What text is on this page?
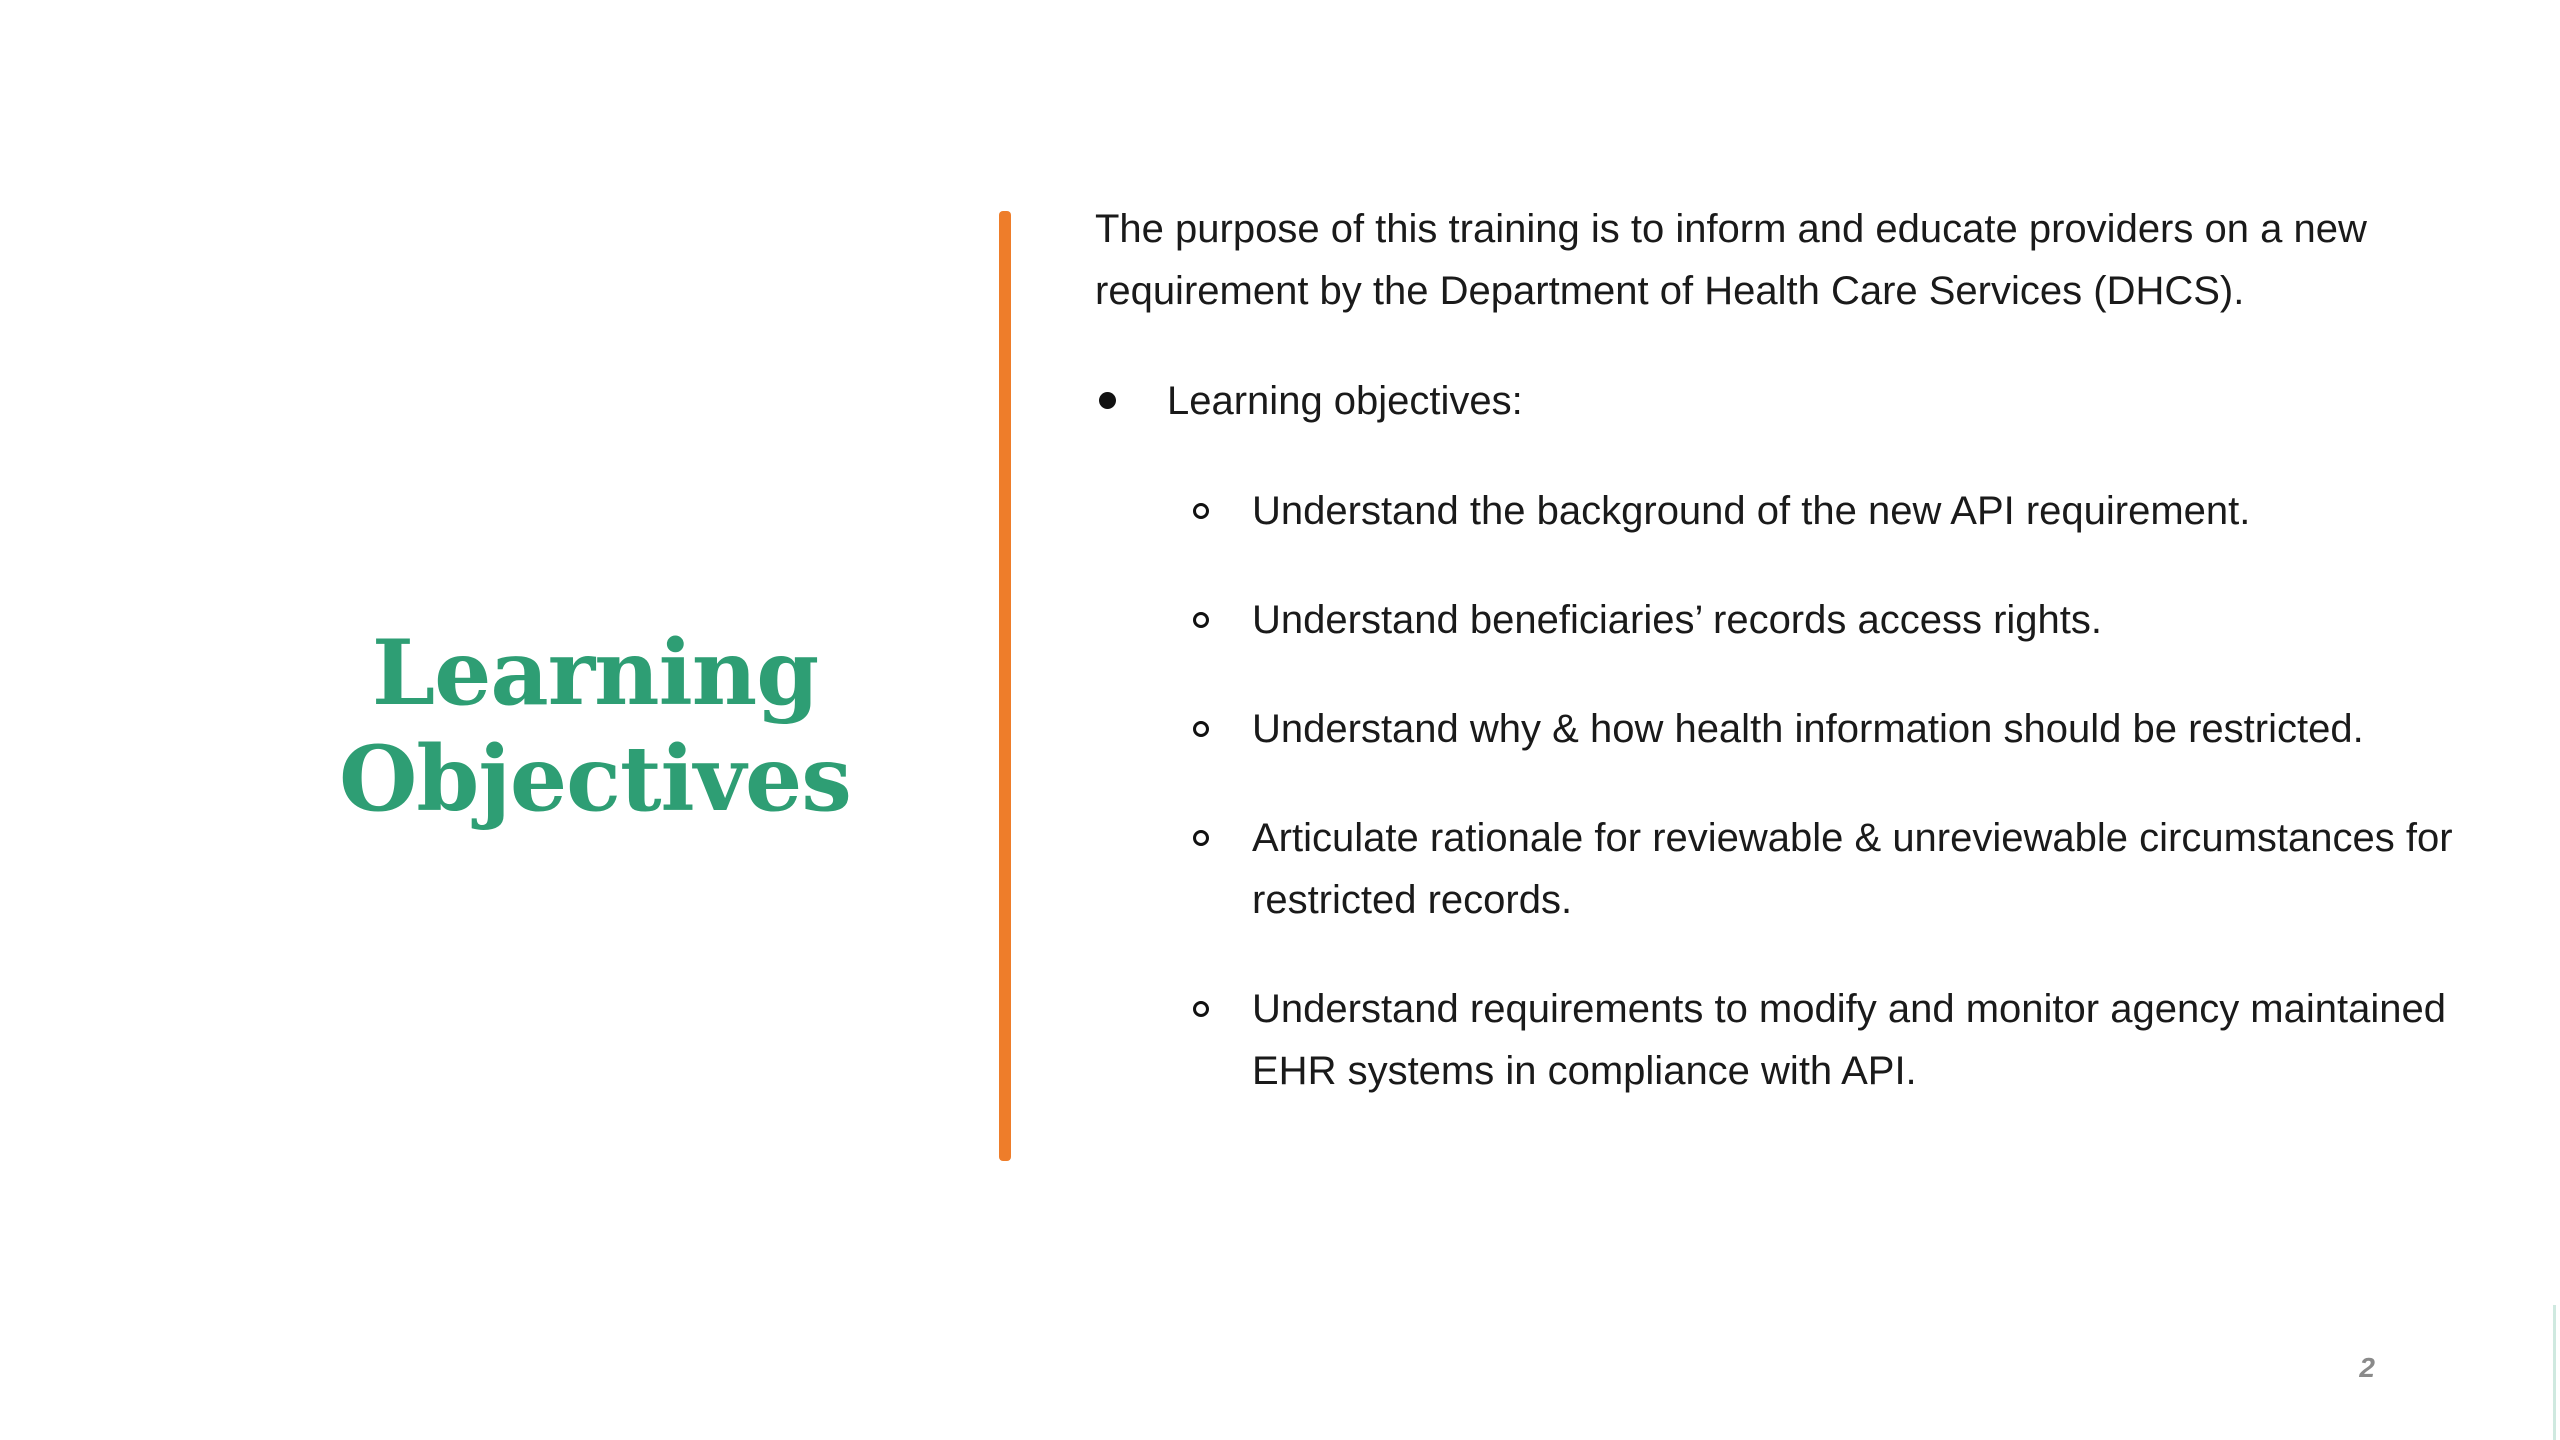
Learning
Objectives

The purpose of this training is to inform and educate providers on a new requirement by the Department of Health Care Services (DHCS).

Learning objectives:
Understand the background of the new API requirement.
Understand beneficiaries’ records access rights.
Understand why & how health information should be restricted.
Articulate rationale for reviewable & unreviewable circumstances for restricted records.
Understand requirements to modify and monitor agency maintained EHR systems in compliance with API.
2
